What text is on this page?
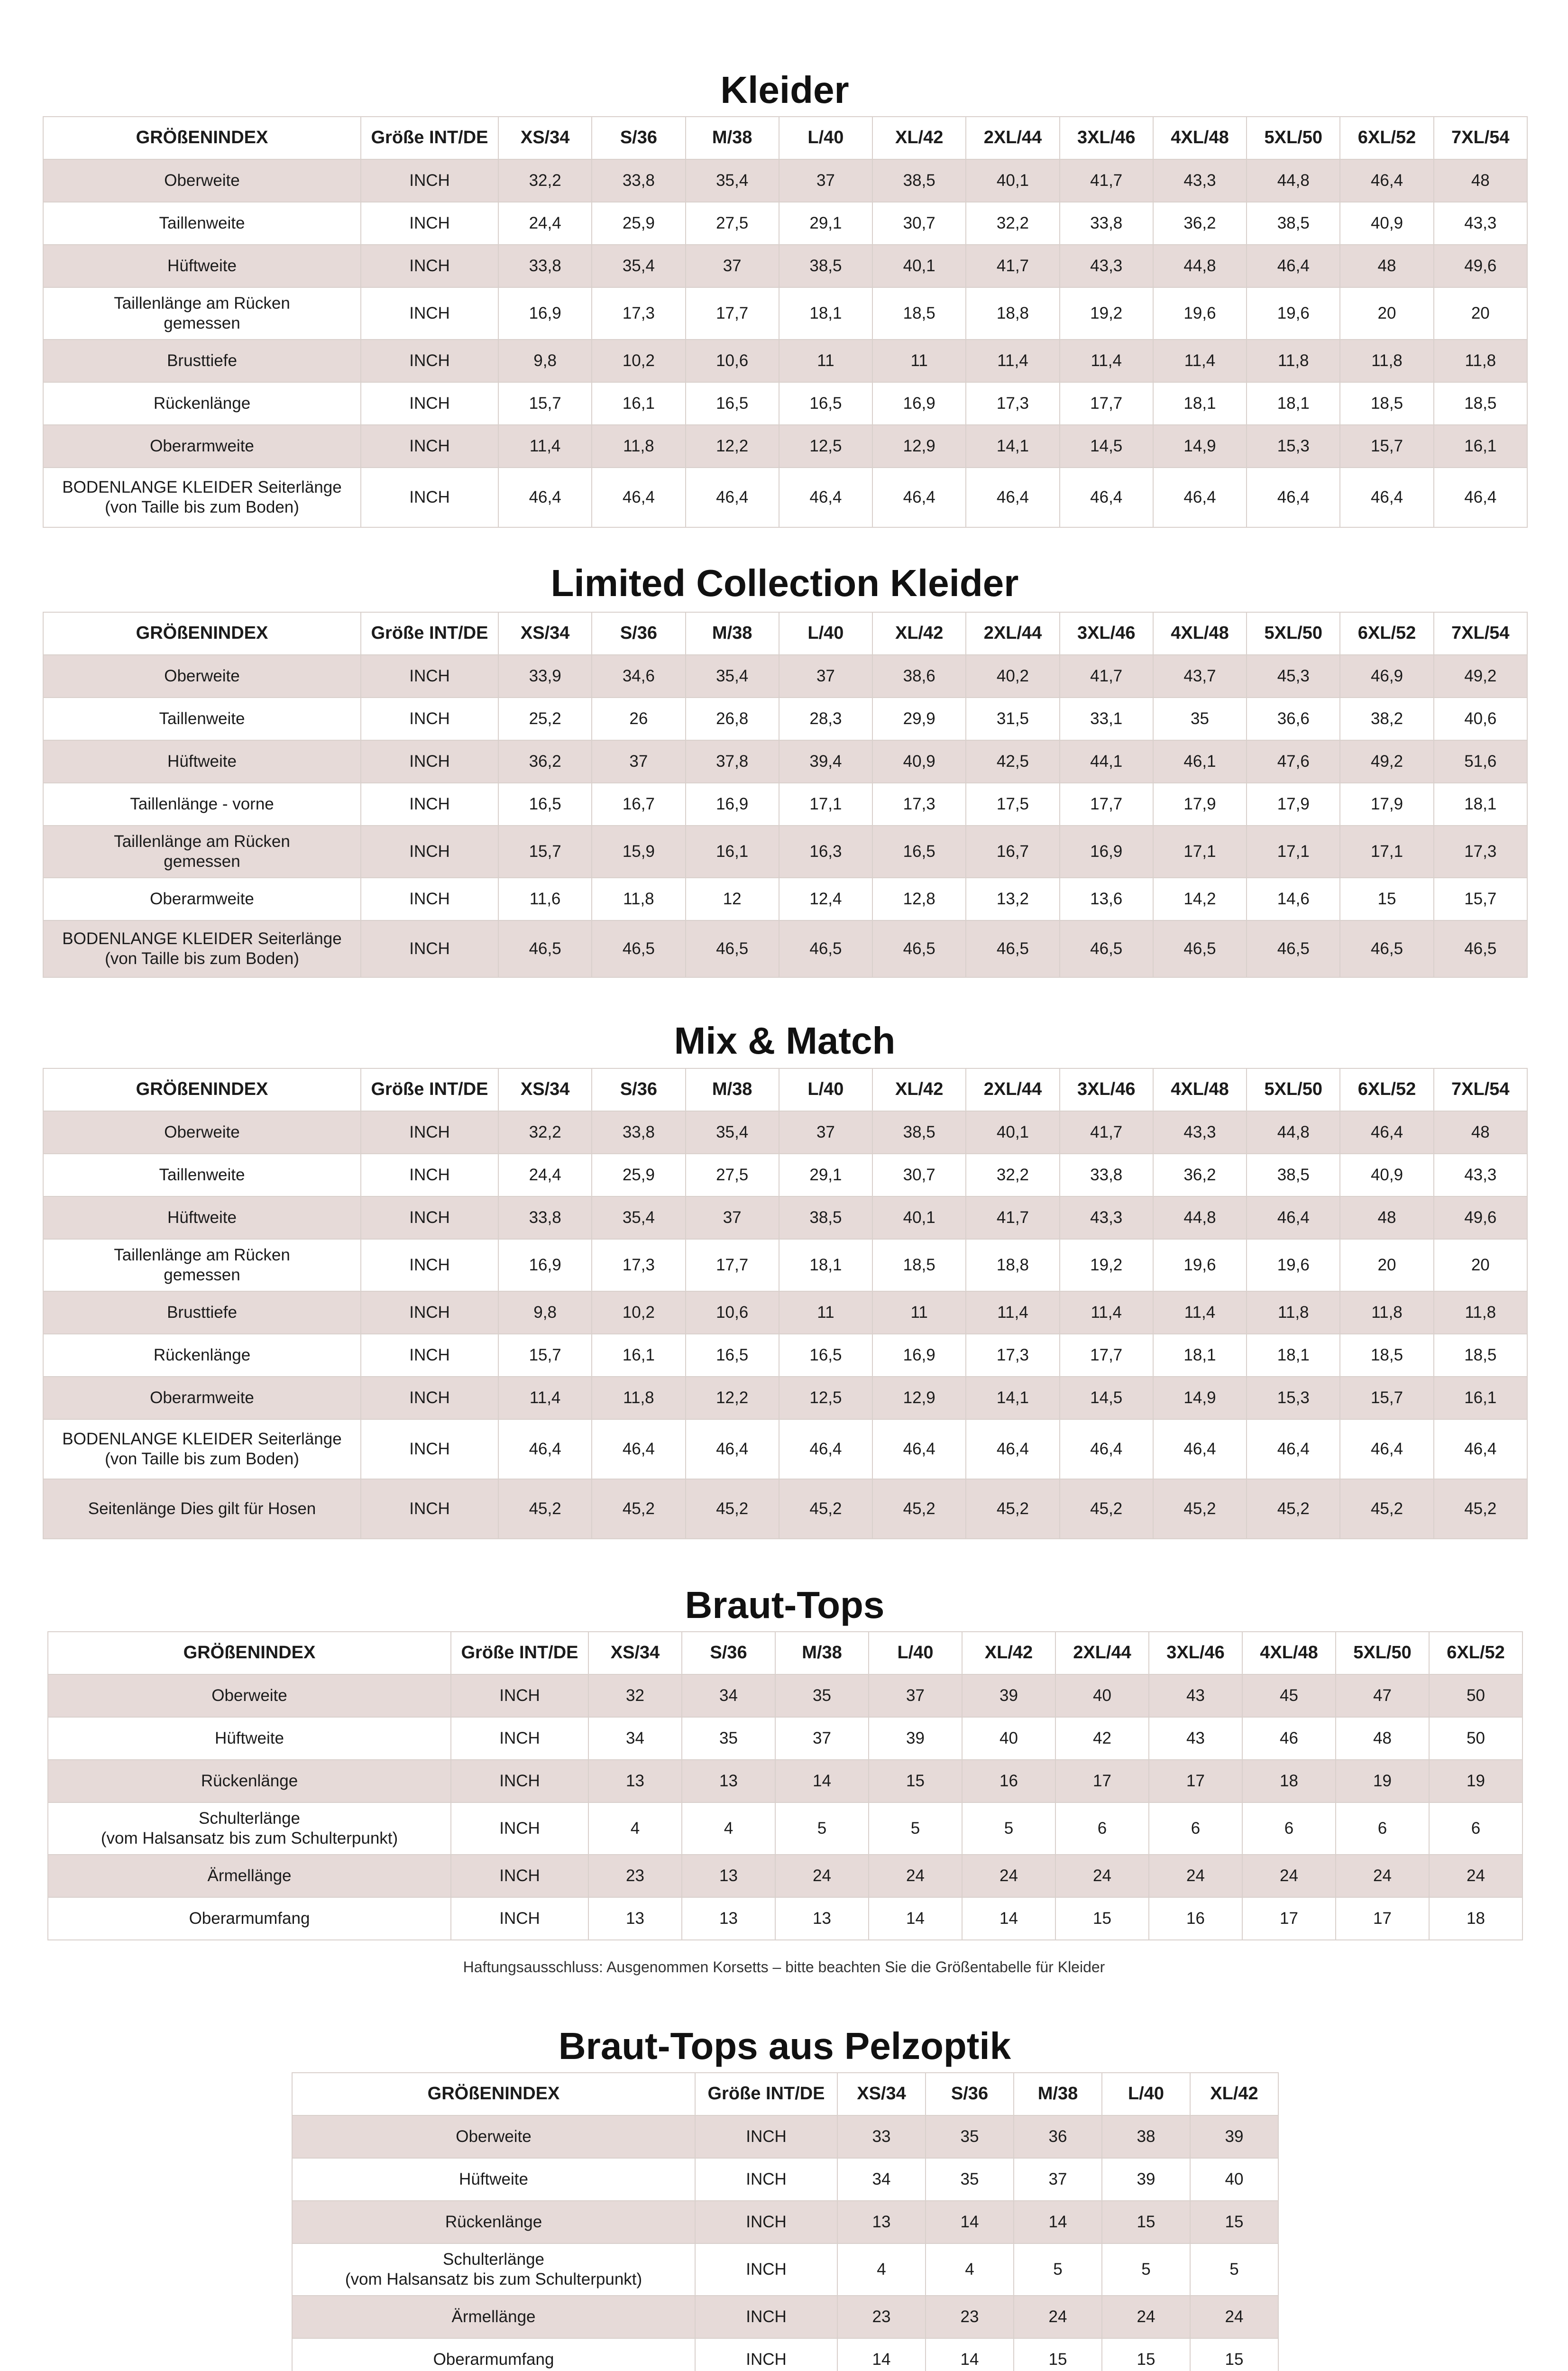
Kleider
GRÖßENINDEX	Größe INT/DE	XS/34	S/36	M/38	L/40	XL/42	2XL/44	3XL/46	4XL/48	5XL/50	6XL/52	7XL/54
Oberweite	INCH	32,2	33,8	35,4	37	38,5	40,1	41,7	43,3	44,8	46,4	48
Taillenweite	INCH	24,4	25,9	27,5	29,1	30,7	32,2	33,8	36,2	38,5	40,9	43,3
Hüftweite	INCH	33,8	35,4	37	38,5	40,1	41,7	43,3	44,8	46,4	48	49,6
Taillenlänge am Rücken
gemessen	INCH	16,9	17,3	17,7	18,1	18,5	18,8	19,2	19,6	19,6	20	20
Brusttiefe	INCH	9,8	10,2	10,6	11	11	11,4	11,4	11,4	11,8	11,8	11,8
Rückenlänge	INCH	15,7	16,1	16,5	16,5	16,9	17,3	17,7	18,1	18,1	18,5	18,5
Oberarmweite	INCH	11,4	11,8	12,2	12,5	12,9	14,1	14,5	14,9	15,3	15,7	16,1
BODENLANGE KLEIDER Seiterlänge
(von Taille bis zum Boden)	INCH	46,4	46,4	46,4	46,4	46,4	46,4	46,4	46,4	46,4	46,4	46,4
Limited Collection Kleider
GRÖßENINDEX	Größe INT/DE	XS/34	S/36	M/38	L/40	XL/42	2XL/44	3XL/46	4XL/48	5XL/50	6XL/52	7XL/54
Oberweite	INCH	33,9	34,6	35,4	37	38,6	40,2	41,7	43,7	45,3	46,9	49,2
Taillenweite	INCH	25,2	26	26,8	28,3	29,9	31,5	33,1	35	36,6	38,2	40,6
Hüftweite	INCH	36,2	37	37,8	39,4	40,9	42,5	44,1	46,1	47,6	49,2	51,6
Taillenlänge - vorne	INCH	16,5	16,7	16,9	17,1	17,3	17,5	17,7	17,9	17,9	17,9	18,1
Taillenlänge am Rücken
gemessen	INCH	15,7	15,9	16,1	16,3	16,5	16,7	16,9	17,1	17,1	17,1	17,3
Oberarmweite	INCH	11,6	11,8	12	12,4	12,8	13,2	13,6	14,2	14,6	15	15,7
BODENLANGE KLEIDER Seiterlänge
(von Taille bis zum Boden)	INCH	46,5	46,5	46,5	46,5	46,5	46,5	46,5	46,5	46,5	46,5	46,5
Mix & Match
GRÖßENINDEX	Größe INT/DE	XS/34	S/36	M/38	L/40	XL/42	2XL/44	3XL/46	4XL/48	5XL/50	6XL/52	7XL/54
Oberweite	INCH	32,2	33,8	35,4	37	38,5	40,1	41,7	43,3	44,8	46,4	48
Taillenweite	INCH	24,4	25,9	27,5	29,1	30,7	32,2	33,8	36,2	38,5	40,9	43,3
Hüftweite	INCH	33,8	35,4	37	38,5	40,1	41,7	43,3	44,8	46,4	48	49,6
Taillenlänge am Rücken
gemessen	INCH	16,9	17,3	17,7	18,1	18,5	18,8	19,2	19,6	19,6	20	20
Brusttiefe	INCH	9,8	10,2	10,6	11	11	11,4	11,4	11,4	11,8	11,8	11,8
Rückenlänge	INCH	15,7	16,1	16,5	16,5	16,9	17,3	17,7	18,1	18,1	18,5	18,5
Oberarmweite	INCH	11,4	11,8	12,2	12,5	12,9	14,1	14,5	14,9	15,3	15,7	16,1
BODENLANGE KLEIDER Seiterlänge
(von Taille bis zum Boden)	INCH	46,4	46,4	46,4	46,4	46,4	46,4	46,4	46,4	46,4	46,4	46,4
Seitenlänge Dies gilt für Hosen	INCH	45,2	45,2	45,2	45,2	45,2	45,2	45,2	45,2	45,2	45,2	45,2
Braut-Tops
GRÖßENINDEX	Größe INT/DE	XS/34	S/36	M/38	L/40	XL/42	2XL/44	3XL/46	4XL/48	5XL/50	6XL/52
Oberweite	INCH	32	34	35	37	39	40	43	45	47	50
Hüftweite	INCH	34	35	37	39	40	42	43	46	48	50
Rückenlänge	INCH	13	13	14	15	16	17	17	18	19	19
Schulterlänge
(vom Halsansatz bis zum Schulterpunkt)	INCH	4	4	5	5	5	6	6	6	6	6
Ärmellänge	INCH	23	13	24	24	24	24	24	24	24	24
Oberarmumfang	INCH	13	13	13	14	14	15	16	17	17	18
Haftungsausschluss: Ausgenommen Korsetts – bitte beachten Sie die Größentabelle für Kleider
Braut-Tops aus Pelzoptik
GRÖßENINDEX	Größe INT/DE	XS/34	S/36	M/38	L/40	XL/42
Oberweite	INCH	33	35	36	38	39
Hüftweite	INCH	34	35	37	39	40
Rückenlänge	INCH	13	14	14	15	15
Schulterlänge
(vom Halsansatz bis zum Schulterpunkt)	INCH	4	4	5	5	5
Ärmellänge	INCH	23	23	24	24	24
Oberarmumfang	INCH	14	14	15	15	15
